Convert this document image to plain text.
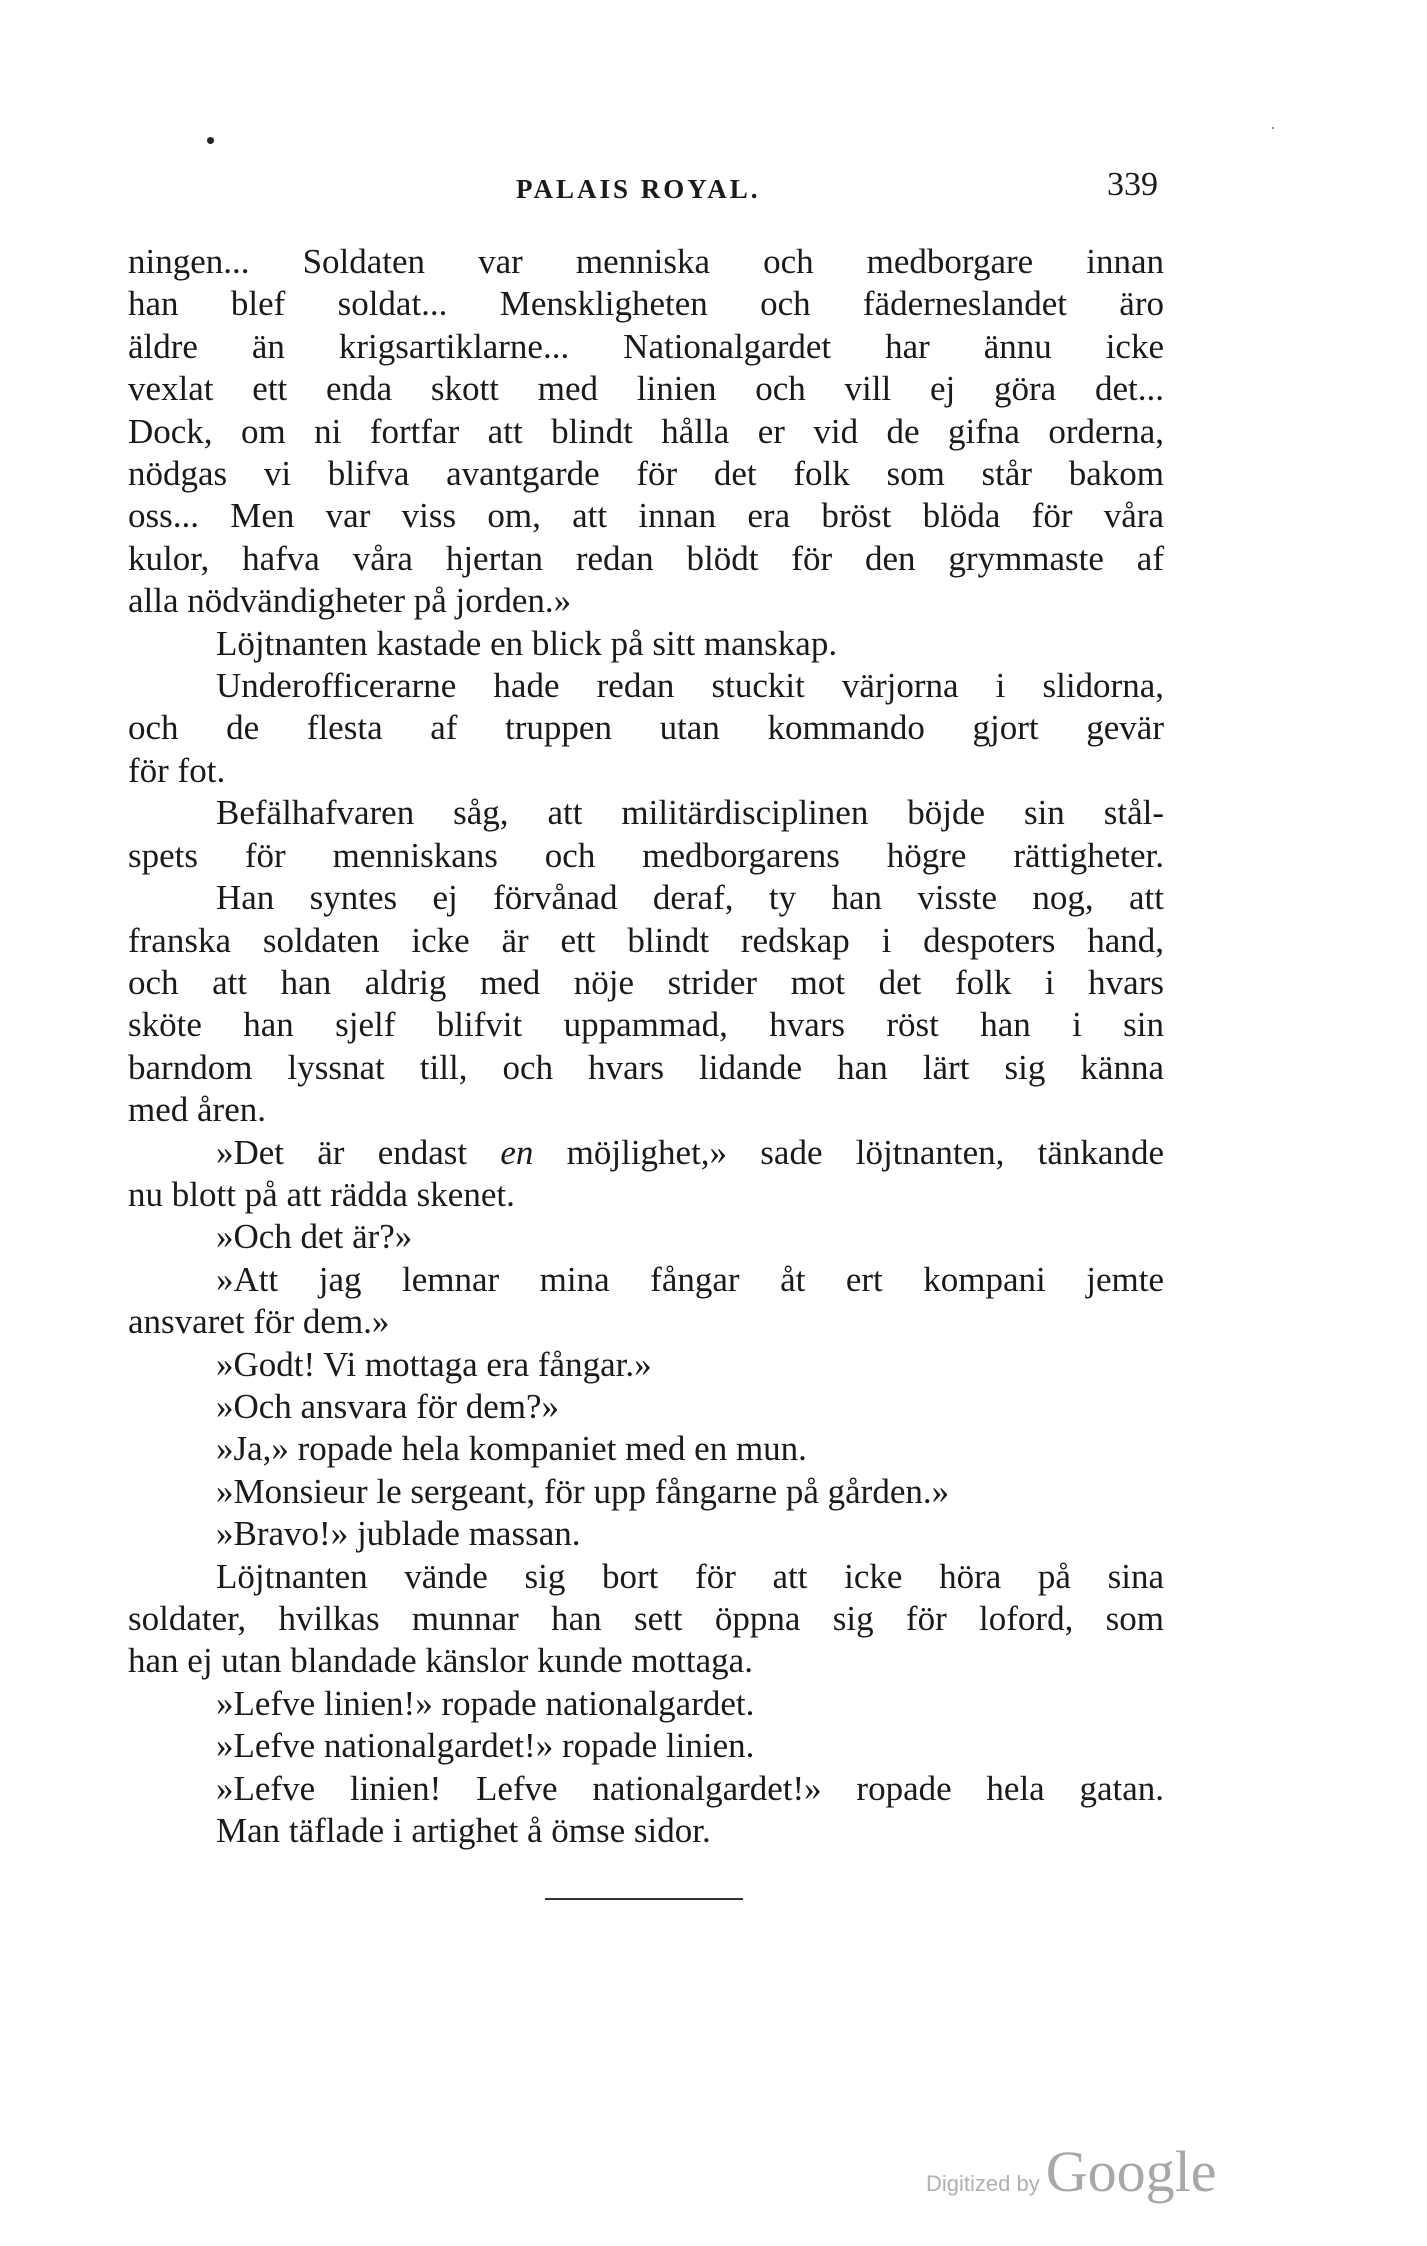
PALAIS ROYAL.	339
ningen... Soldaten var menniska och medborgare innan
han blef soldat... Menskligheten och fäderneslandet äro
äldre än krigsartiklarne... Nationalgardet har ännu icke
vexlat ett enda skott med linien och vill ej göra det...
Dock, om ni fortfar att blindt hålla er vid de gifna orderna,
nödgas vi blifva avantgarde för det folk som står bakom
oss... Men var viss om, att innan era bröst blöda för våra
kulor, hafva våra hjertan redan blödt för den grymmaste af
alla nödvändigheter på jorden.»
Löjtnanten kastade en blick på sitt manskap.
Underofficerarne hade redan stuckit värjorna i slidorna,
och de flesta af truppen utan kommando gjort gevär
för fot.
Befälhafvaren såg, att militärdisciplinen böjde sin stål-
spets för menniskans och medborgarens högre rättigheter.
Han syntes ej förvånad deraf, ty han visste nog, att
franska soldaten icke är ett blindt redskap i despoters hand,
och att han aldrig med nöje strider mot det folk i hvars
sköte han sjelf blifvit uppammad, hvars röst han i sin
barndom lyssnat till, och hvars lidande han lärt sig känna
med åren.
»Det är endast en möjlighet,» sade löjtnanten, tänkande
nu blott på att rädda skenet.
»Och det är?»
»Att jag lemnar mina fångar åt ert kompani jemte
ansvaret för dem.»
»Godt! Vi mottaga era fångar.»
»Och ansvara för dem?»
»Ja,» ropade hela kompaniet med en mun.
»Monsieur le sergeant, för upp fångarne på gården.»
»Bravo!» jublade massan.
Löjtnanten vände sig bort för att icke höra på sina
soldater, hvilkas munnar han sett öppna sig för loford, som
han ej utan blandade känslor kunde mottaga.
»Lefve linien!» ropade nationalgardet.
»Lefve nationalgardet!» ropade linien.
»Lefve linien! Lefve nationalgardet!» ropade hela gatan.
Man täflade i artighet å ömse sidor.
Digitized by Google
